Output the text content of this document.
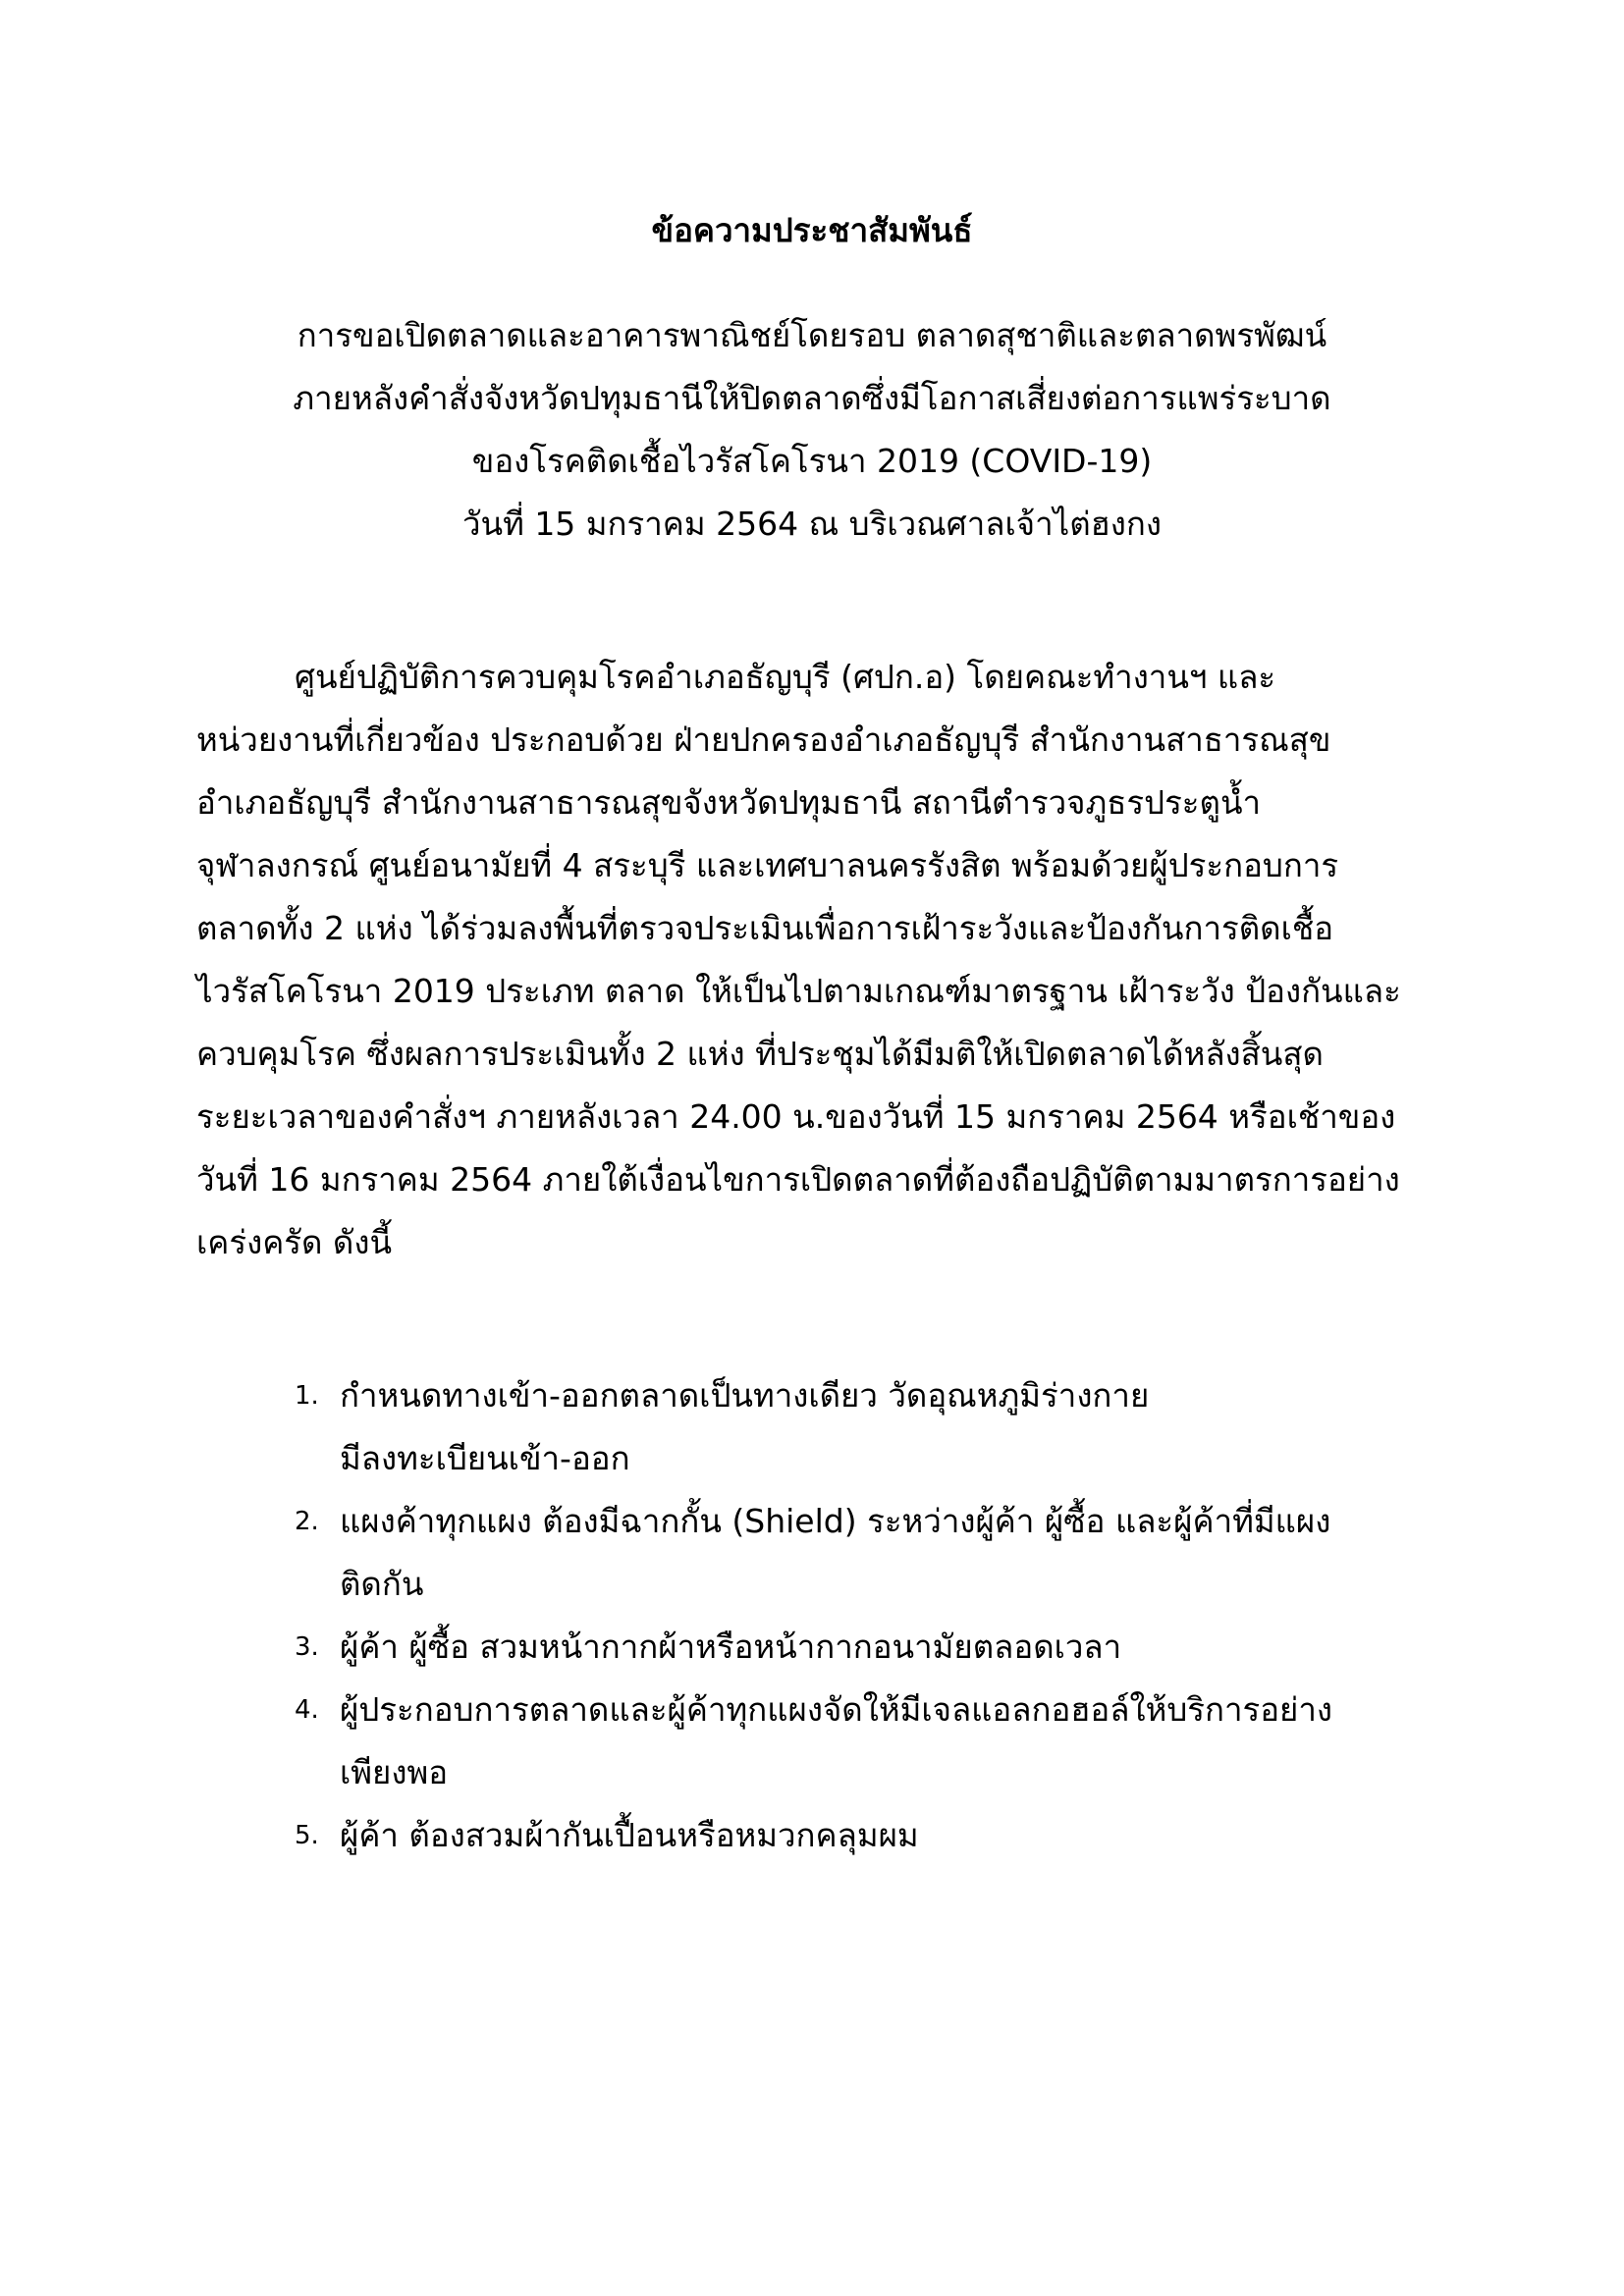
ข้อความประชาสัมพันธ์
การขอเปิดตลาดและอาคารพาณิชย์โดยรอบ ตลาดสุชาติและตลาดพรพัฒน์
ภายหลังคำสั่งจังหวัดปทุมธานีให้ปิดตลาดซึ่งมีโอกาสเสี่ยงต่อการแพร่ระบาด
ของโรคติดเชื้อไวรัสโคโรนา 2019 (COVID-19)
วันที่ 15 มกราคม 2564 ณ บริเวณศาลเจ้าไต่ฮงกง
ศูนย์ปฏิบัติการควบคุมโรคอำเภอธัญบุรี (ศปก.อ) โดยคณะทำงานฯ และ
หน่วยงานที่เกี่ยวข้อง ประกอบด้วย ฝ่ายปกครองอำเภอธัญบุรี สำนักงานสาธารณสุข
อำเภอธัญบุรี สำนักงานสาธารณสุขจังหวัดปทุมธานี สถานีตำรวจภูธรประตูน้ำ
จุฬาลงกรณ์ ศูนย์อนามัยที่ 4 สระบุรี และเทศบาลนครรังสิต พร้อมด้วยผู้ประกอบการ
ตลาดทั้ง 2 แห่ง ได้ร่วมลงพื้นที่ตรวจประเมินเพื่อการเฝ้าระวังและป้องกันการติดเชื้อ
ไวรัสโคโรนา 2019 ประเภท ตลาด ให้เป็นไปตามเกณฑ์มาตรฐาน เฝ้าระวัง ป้องกันและ
ควบคุมโรค ซึ่งผลการประเมินทั้ง 2 แห่ง ที่ประชุมได้มีมติให้เปิดตลาดได้หลังสิ้นสุด
ระยะเวลาของคำสั่งฯ ภายหลังเวลา 24.00 น.ของวันที่ 15 มกราคม 2564 หรือเช้าของ
วันที่ 16 มกราคม 2564 ภายใต้เงื่อนไขการเปิดตลาดที่ต้องถือปฏิบัติตามมาตรการอย่าง
เคร่งครัด ดังนี้
1. กำหนดทางเข้า-ออกตลาดเป็นทางเดียว วัดอุณหภูมิร่างกาย
มีลงทะเบียนเข้า-ออก
2. แผงค้าทุกแผง ต้องมีฉากกั้น (Shield) ระหว่างผู้ค้า ผู้ซื้อ และผู้ค้าที่มีแผง
ติดกัน
3. ผู้ค้า ผู้ซื้อ สวมหน้ากากผ้าหรือหน้ากากอนามัยตลอดเวลา
4. ผู้ประกอบการตลาดและผู้ค้าทุกแผงจัดให้มีเจลแอลกอฮอล์ให้บริการอย่าง
เพียงพอ
5. ผู้ค้า ต้องสวมผ้ากันเปื้อนหรือหมวกคลุมผม
